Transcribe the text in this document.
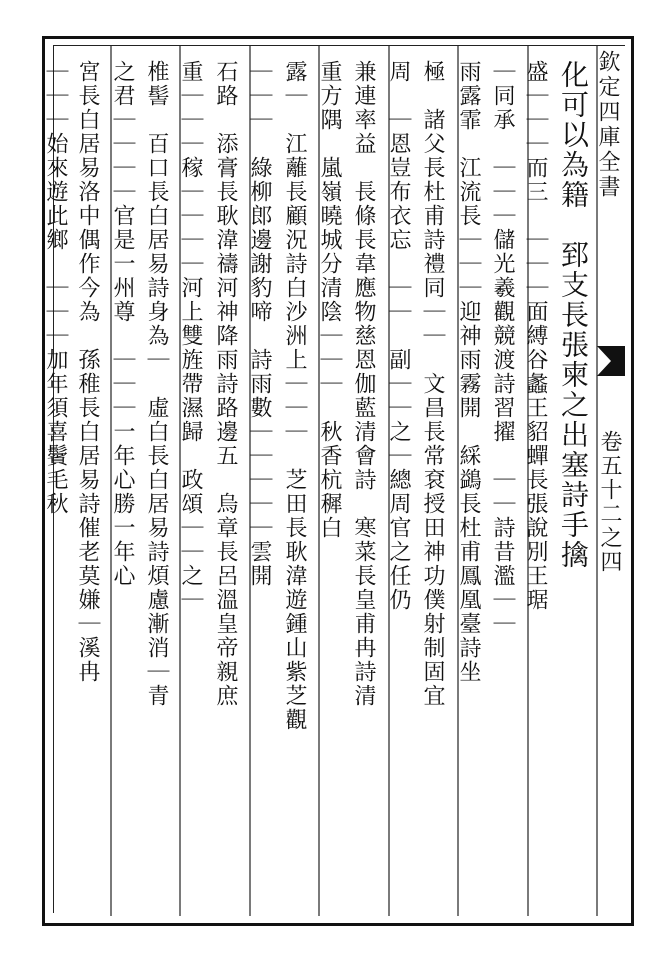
欽定四庫全書
卷五十二之四
化可以為籍　郅支長張柬之出塞詩手擒
盛｜｜｜而三　｜｜｜面縛谷蠡王貂蟬長張說別王琚
｜同承　｜｜｜儲光羲觀競渡詩習擢　｜｜詩昔濫｜｜
雨露霏　江流長｜｜｜迎神雨霧開　綵鷁長杜甫鳳凰臺詩坐
極　諸父長杜甫詩禮同｜｜　文昌長常袞授田神功僕射制固宜
周　｜恩豈布衣忘　｜｜　副｜｜之｜總周官之任仍
兼連率益　長條長韋應物慈恩伽藍清會詩　寒菜長皇甫冉詩清
重方隅　嵐嶺曉城分清陰｜｜｜　秋香杭穉白
露｜　江蘺長顧況詩白沙洲上｜｜｜　芝田長耿湋遊鍾山紫芝觀
｜｜｜　綠柳郎邊謝豹啼　詩雨數｜｜｜｜｜雲開
石路　添膏長耿湋禱河神降雨詩路邊五　烏章長呂溫皇帝親庶
重｜｜｜稼｜｜｜｜河上雙旌帶濕歸　政頌｜｜之｜
椎髻　百口長白居易詩身為｜　虛白長白居易詩煩慮漸消｜青
之君｜｜｜｜官是一州尊　｜｜｜一年心勝一年心
宮長白居易洛中偶作今為　孫稚長白居易詩催老莫嫌｜溪冉
｜｜｜始來遊此鄉　｜｜｜加年須喜鬢毛秋
